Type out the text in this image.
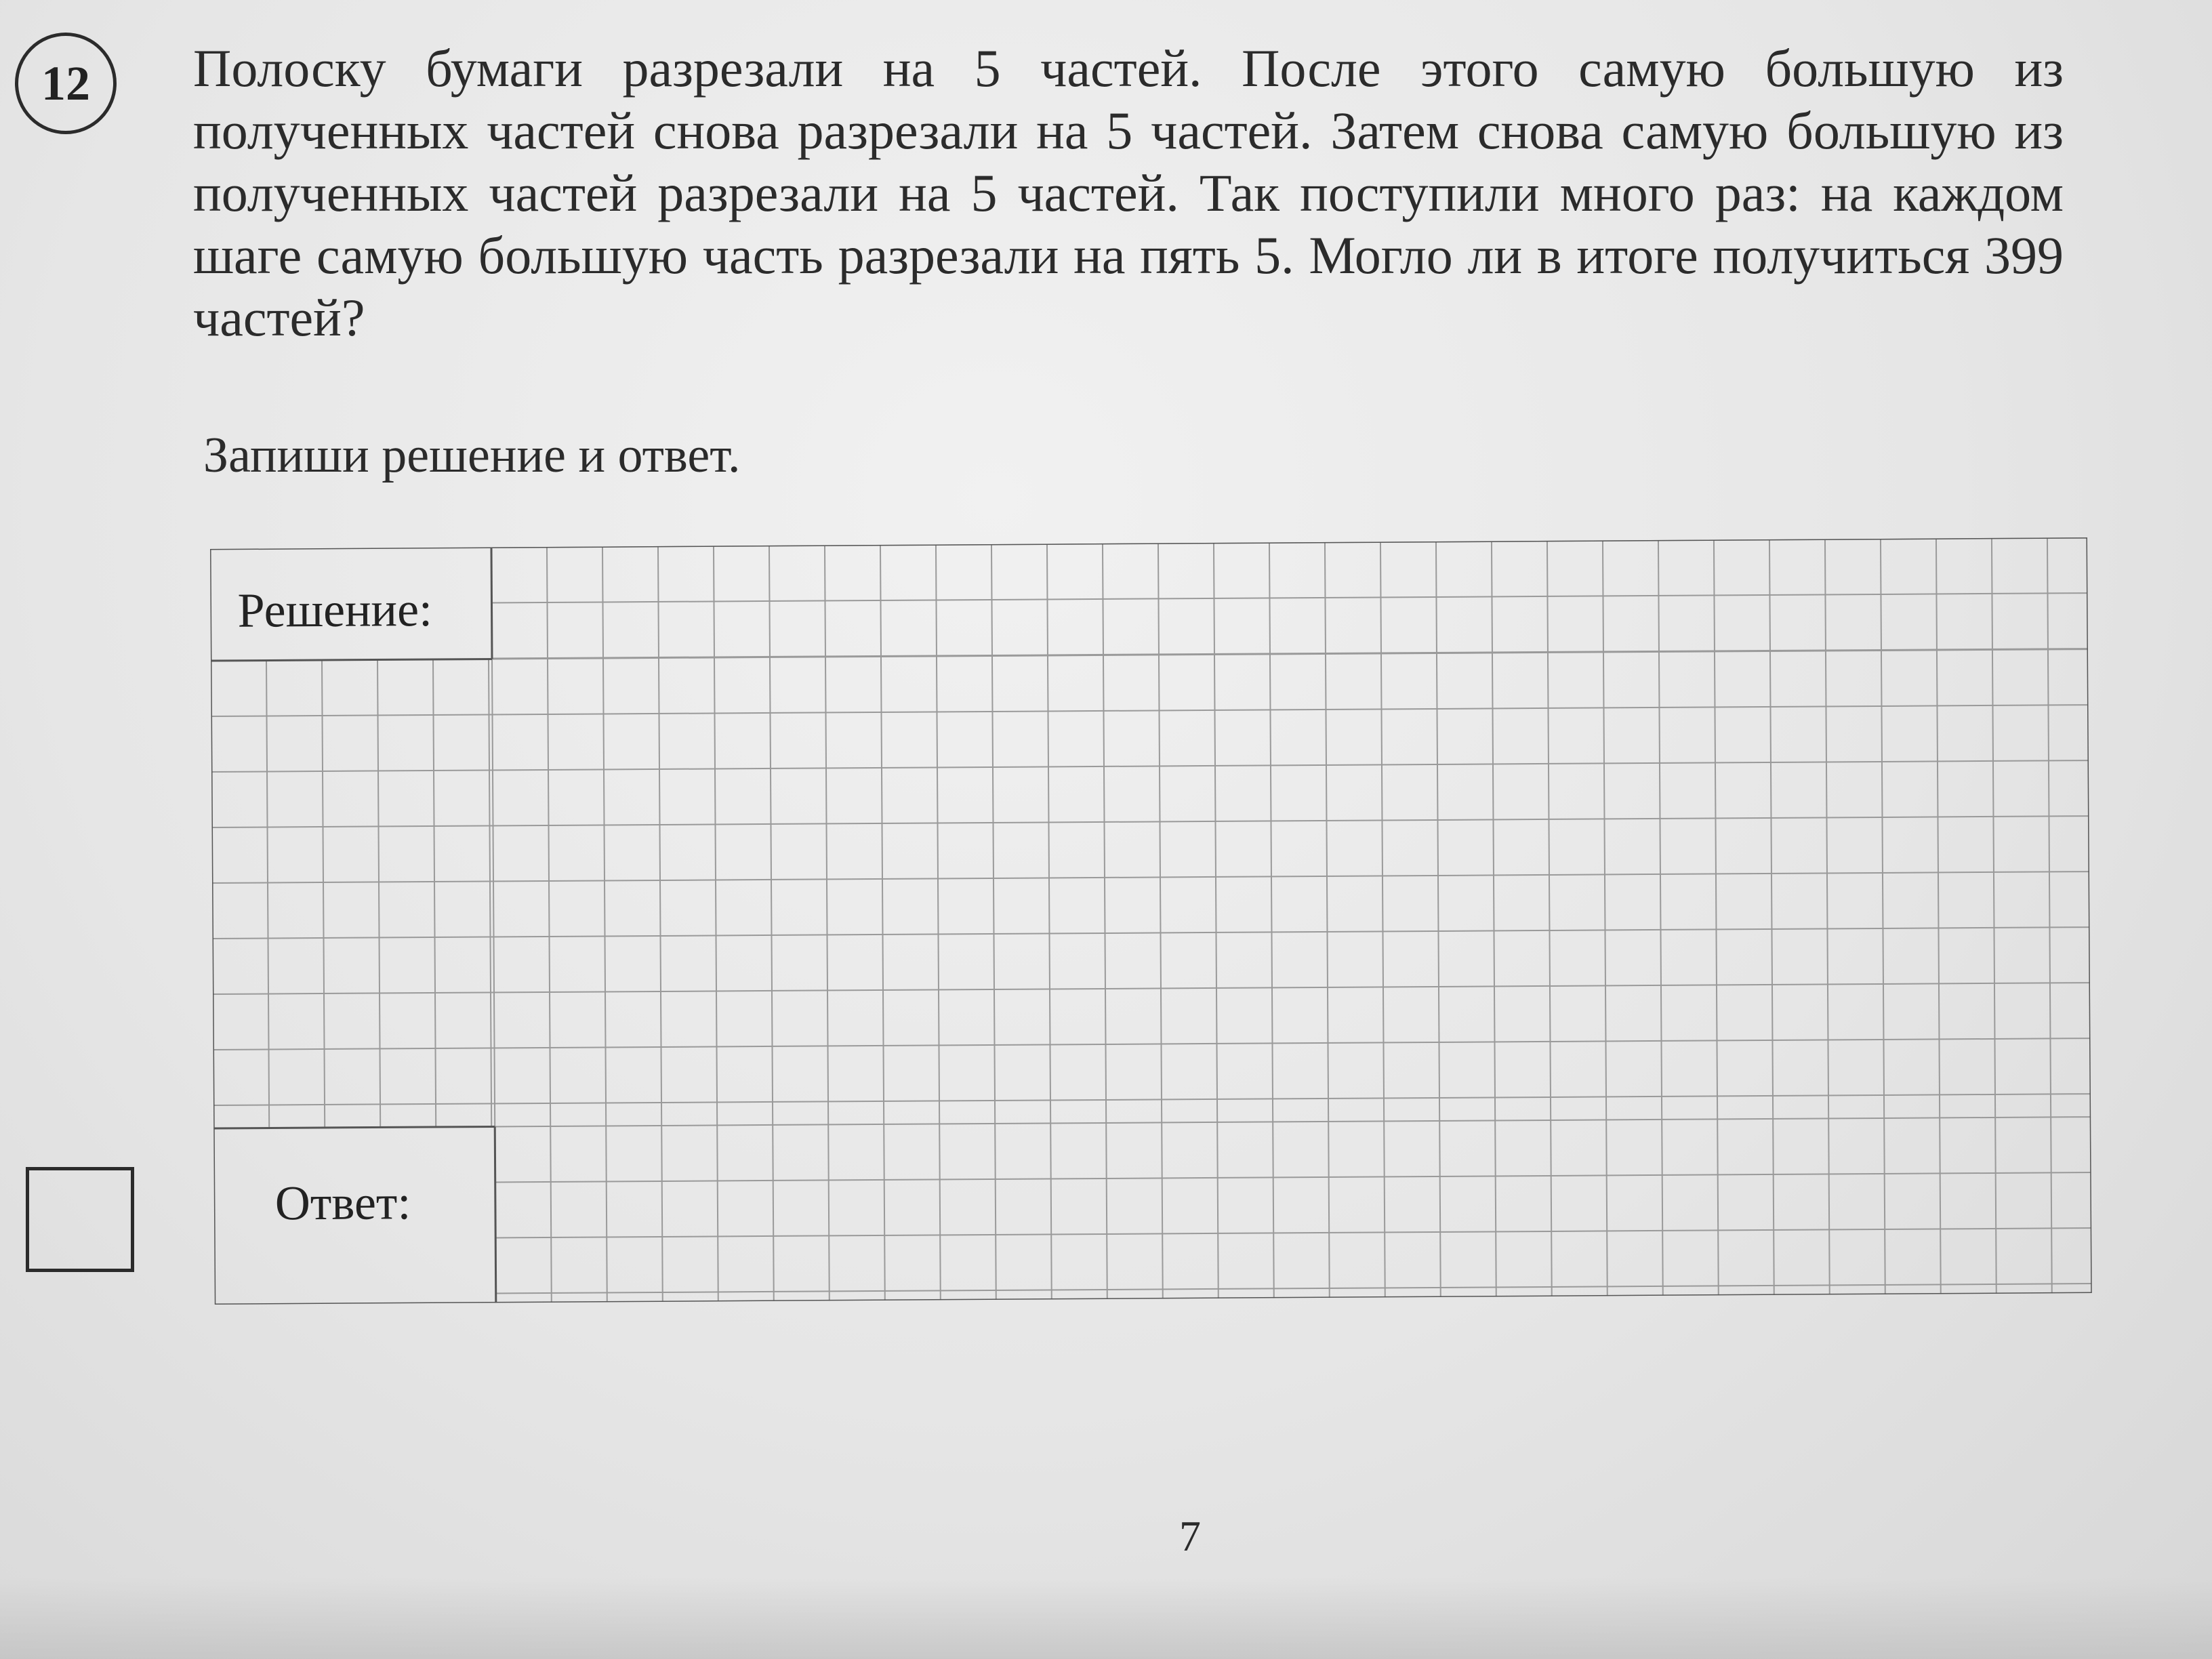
12 Полоску бумаги разрезали на 5 частей. После этого самую большую из полученных частей снова разрезали на 5 частей. Затем снова самую большую из полученных частей разрезали на 5 частей. Так поступили много раз: на каждом шаге самую большую часть разрезали на пять 5. Могло ли в итоге получиться 399 частей?

Запиши решение и ответ.

Решение:
Ответ:
7
